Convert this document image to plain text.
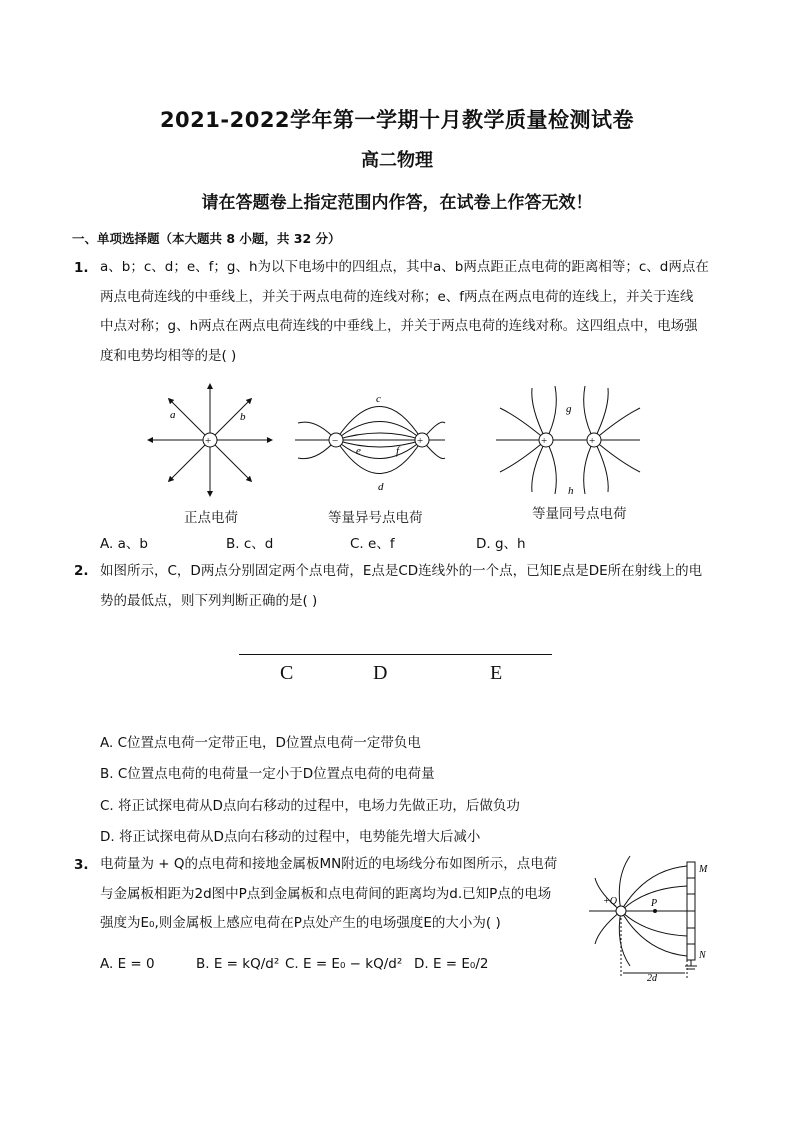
2021-2022学年第一学期十月教学质量检测试卷
高二物理
请在答题卷上指定范围内作答，在试卷上作答无效！
一、单项选择题（本大题共 8 小题，共 32 分）
1. a、b；c、d；e、f；g、h为以下电场中的四组点，其中a、b两点距正点电荷的距离相等；c、d两点在
两点电荷连线的中垂线上，并关于两点电荷的连线对称；e、f两点在两点电荷的连线上，并关于连线
中点对称；g、h两点在两点电荷连线的中垂线上，并关于两点电荷的连线对称。这四组点中，电场强
度和电势均相等的是( )
+
a	b
−	+
c
d
e	f
+	+
g
h
正点电荷	等量异号点电荷	等量同号点电荷
A. a、b	B. c、d	C. e、f	D. g、h
2. 如图所示，C，D两点分别固定两个点电荷，E点是CD连线外的一个点，已知E点是DE所在射线上的电
势的最低点，则下列判断正确的是( )
C	D	E
A. C位置点电荷一定带正电，D位置点电荷一定带负电
B. C位置点电荷的电荷量一定小于D位置点电荷的电荷量
C. 将正试探电荷从D点向右移动的过程中，电场力先做正功，后做负功
D. 将正试探电荷从D点向右移动的过程中，电势能先增大后减小
3. 电荷量为 + Q的点电荷和接地金属板MN附近的电场线分布如图所示，点电荷
与金属板相距为2d图中P点到金属板和点电荷间的距离均为d.已知P点的电场
强度为E₀,则金属板上感应电荷在P点处产生的电场强度E的大小为( )
A. E = 0	B. E = kQ/d² C. E = E₀ − kQ/d² D. E = E₀/2
+Q	P
M
N
2d
